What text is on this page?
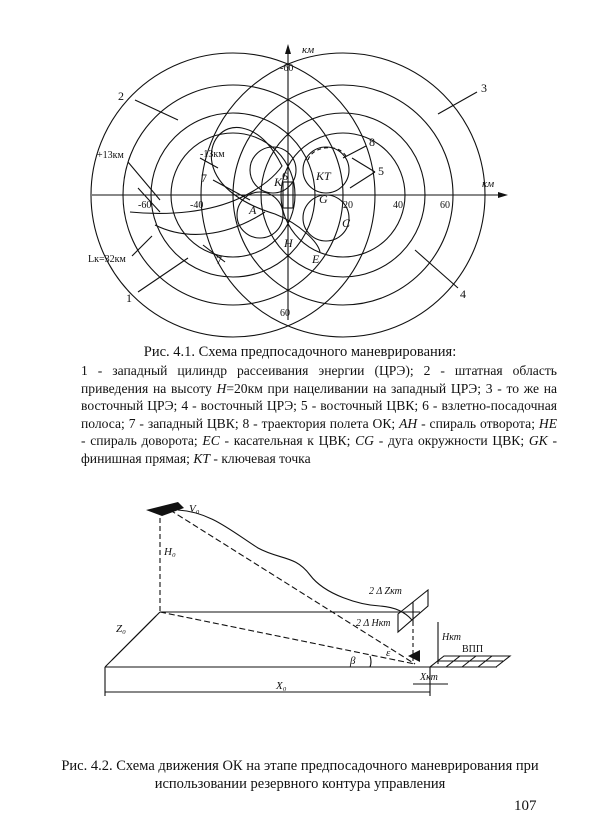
км
км
-60
60
-60	-40	20	40	60
1
2
3
4
5
6
7
7
8
A
K	KT
G
C
H
E
+13км	-13км
Lк=32км
Рис. 4.1. Схема предпосадочного маневрирования:
1 - западный цилиндр рассеивания энергии (ЦРЭ); 2 - штатная область приведения на высоту H=20км при нацеливании на западный ЦРЭ; 3 - то же на восточный ЦРЭ; 4 - восточный ЦРЭ; 5 - восточный ЦВК; 6 - взлетно-посадочная полоса; 7 - западный ЦВК; 8 - траектория полета ОК; AH - спираль отворота; HE - спираль доворота; EC - касательная к ЦВК; CG - дуга окружности ЦВК; GK - финишная прямая; KT - ключевая точка
V₀
H₀
Z₀
X₀
β
ε
2 Δ Zкт
2 Δ Hкт
Hкт
Xкт
ВПП
Рис. 4.2. Схема движения ОК на этапе предпосадочного маневрирования при
использовании резервного контура управления
107
